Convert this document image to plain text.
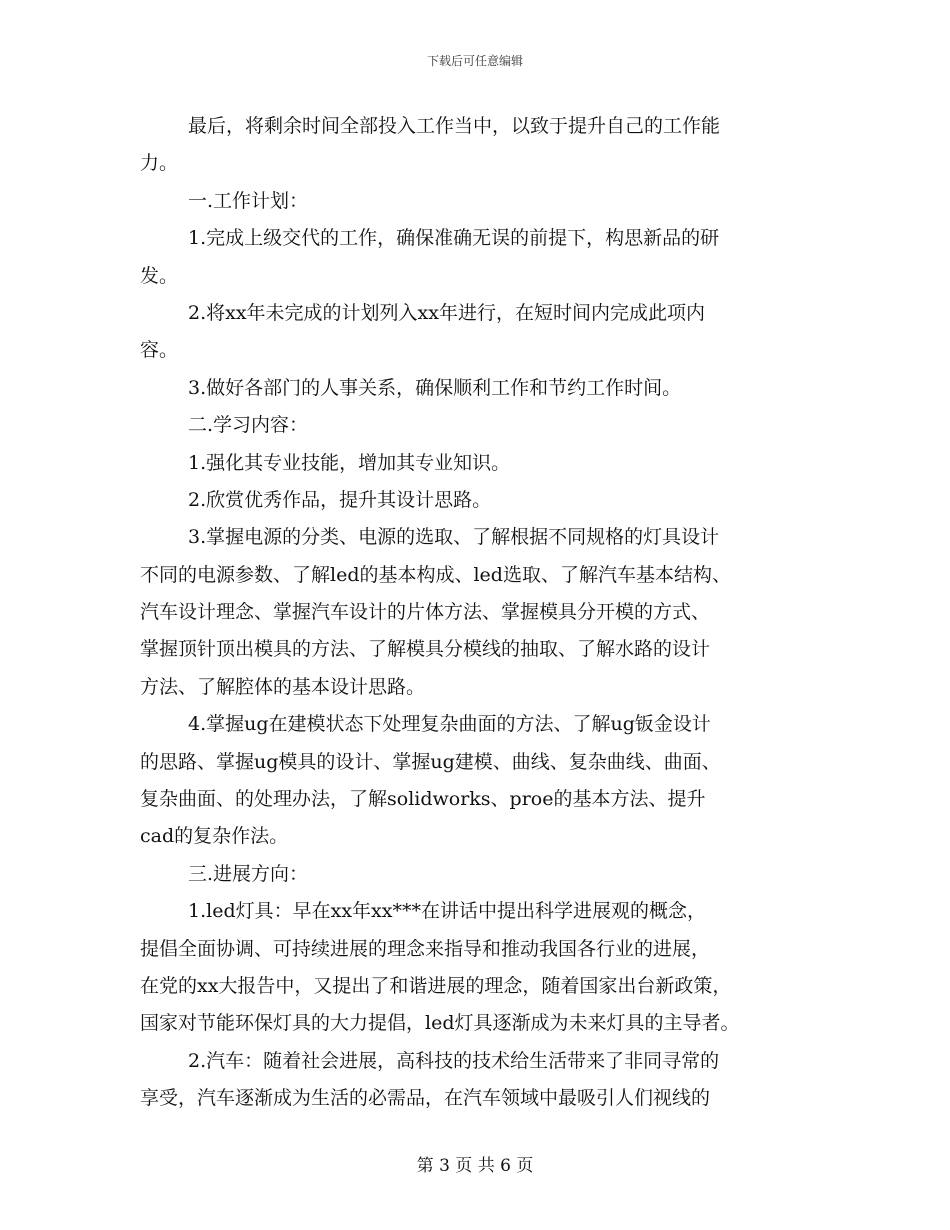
下载后可任意编辑
最后，将剩余时间全部投入工作当中，以致于提升自己的工作能
力。
一.工作计划：
1.完成上级交代的工作，确保准确无误的前提下，构思新品的研
发。
2.将xx年未完成的计划列入xx年进行，在短时间内完成此项内
容。
3.做好各部门的人事关系，确保顺利工作和节约工作时间。
二.学习内容：
1.强化其专业技能，增加其专业知识。
2.欣赏优秀作品，提升其设计思路。
3.掌握电源的分类、电源的选取、了解根据不同规格的灯具设计
不同的电源参数、了解led的基本构成、led选取、了解汽车基本结构、
汽车设计理念、掌握汽车设计的片体方法、掌握模具分开模的方式、
掌握顶针顶出模具的方法、了解模具分模线的抽取、了解水路的设计
方法、了解腔体的基本设计思路。
4.掌握ug在建模状态下处理复杂曲面的方法、了解ug钣金设计
的思路、掌握ug模具的设计、掌握ug建模、曲线、复杂曲线、曲面、
复杂曲面、的处理办法，了解solidworks、proe的基本方法、提升
cad的复杂作法。
三.进展方向：
1.led灯具：早在xx年xx***在讲话中提出科学进展观的概念，
提倡全面协调、可持续进展的理念来指导和推动我国各行业的进展，
在党的xx大报告中，又提出了和谐进展的理念，随着国家出台新政策，
国家对节能环保灯具的大力提倡，led灯具逐渐成为未来灯具的主导者。
2.汽车：随着社会进展，高科技的技术给生活带来了非同寻常的
享受，汽车逐渐成为生活的必需品，在汽车领域中最吸引人们视线的
第 3 页 共 6 页
